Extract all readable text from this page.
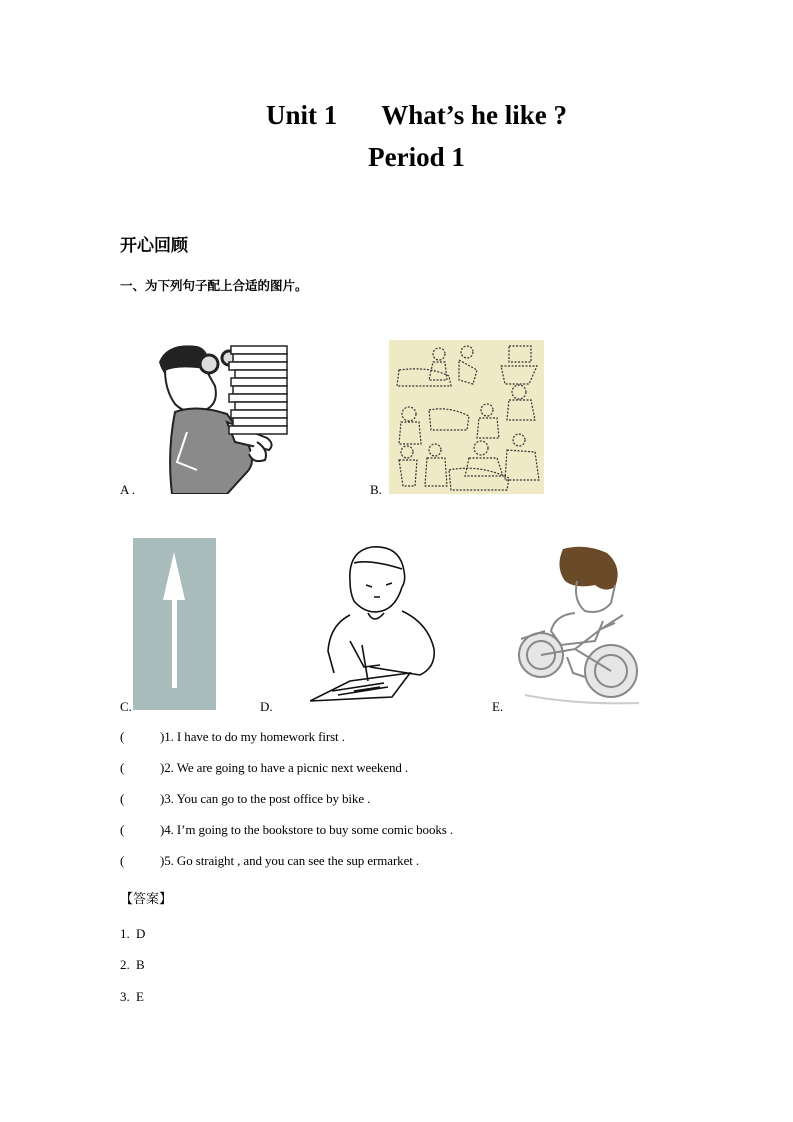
Unit 1 What’s he like ?
Period 1
开心回顾
一、为下列句子配上合适的图片。
A .	B.
C.	D.	E.
(	)1. I have to do my homework first .
(	)2. We are going to have a picnic next weekend .
(	)3. You can go to the post office by bike .
(	)4. I’m going to the bookstore to buy some comic books .
(	)5. Go straight , and you can see the sup ermarket .
【答案】
1. D
2. B
3. E
